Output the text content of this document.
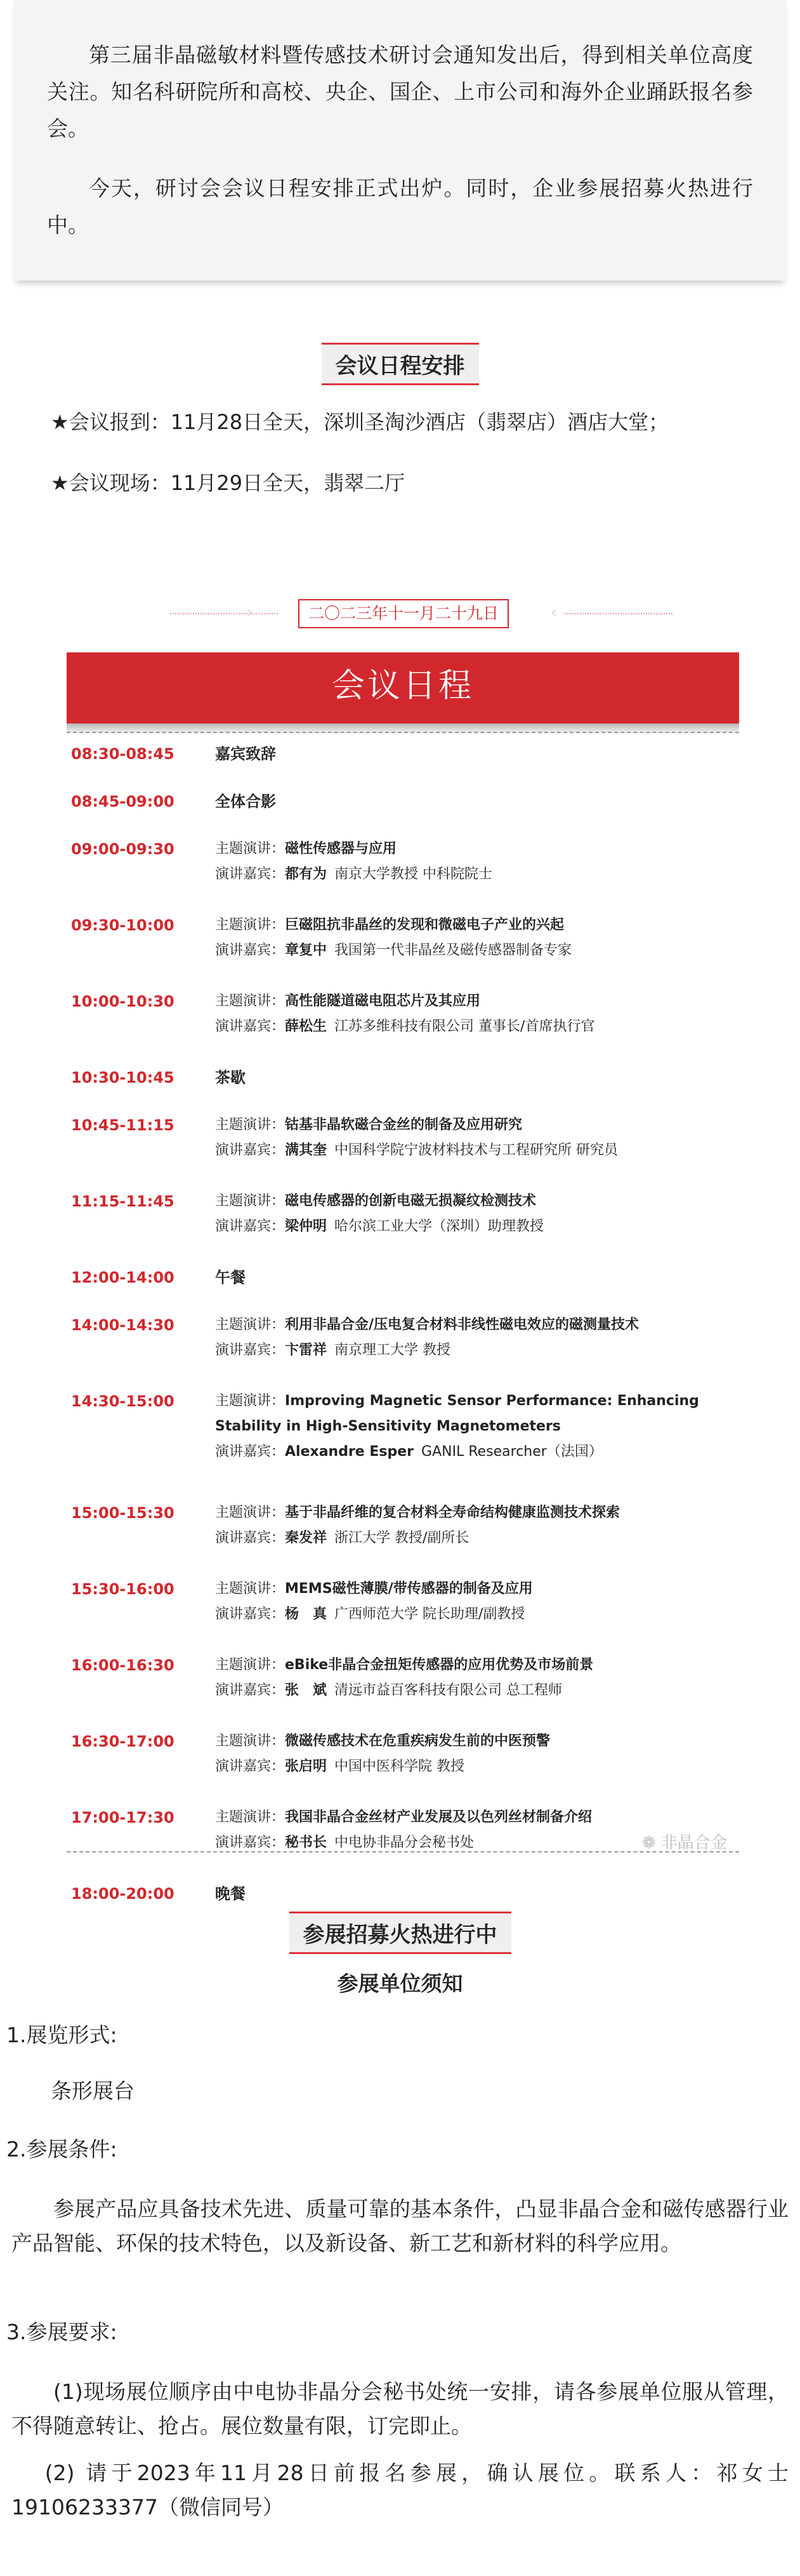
第三届非晶磁敏材料暨传感技术研讨会通知发出后，得到相关单位高度关注。知名科研院所和高校、央企、国企、上市公司和海外企业踊跃报名参会。

今天，研讨会会议日程安排正式出炉。同时，企业参展招募火热进行中。

会议日程安排
★会议报到：11月28日全天，深圳圣淘沙酒店（翡翠店）酒店大堂；
★会议现场：11月29日全天，翡翠二厅
›	二〇二三年十一月二十九日	‹
会议日程
08:30-08:45	嘉宾致辞
08:45-09:00	全体合影
09:00-09:30	主题演讲：磁性传感器与应用
演讲嘉宾：都有为 南京大学教授 中科院院士
09:30-10:00	主题演讲：巨磁阻抗非晶丝的发现和微磁电子产业的兴起
演讲嘉宾：章复中 我国第一代非晶丝及磁传感器制备专家
10:00-10:30	主题演讲：高性能隧道磁电阻芯片及其应用
演讲嘉宾：薛松生 江苏多维科技有限公司 董事长/首席执行官
10:30-10:45	茶歇
10:45-11:15	主题演讲：钴基非晶软磁合金丝的制备及应用研究
演讲嘉宾：满其奎 中国科学院宁波材料技术与工程研究所 研究员
11:15-11:45	主题演讲：磁电传感器的创新电磁无损凝纹检测技术
演讲嘉宾：梁仲明 哈尔滨工业大学（深圳）助理教授
12:00-14:00	午餐
14:00-14:30	主题演讲：利用非晶合金/压电复合材料非线性磁电效应的磁测量技术
演讲嘉宾：卞雷祥 南京理工大学 教授
14:30-15:00	主题演讲：Improving Magnetic Sensor Performance: Enhancing
Stability in High-Sensitivity Magnetometers
演讲嘉宾：Alexandre Esper GANIL Researcher（法国）
15:00-15:30	主题演讲：基于非晶纤维的复合材料全寿命结构健康监测技术探索
演讲嘉宾：秦发祥 浙江大学 教授/副所长
15:30-16:00	主题演讲：MEMS磁性薄膜/带传感器的制备及应用
演讲嘉宾：杨　真 广西师范大学 院长助理/副教授
16:00-16:30	主题演讲：eBike非晶合金扭矩传感器的应用优势及市场前景
演讲嘉宾：张　斌 清远市益百客科技有限公司 总工程师
16:30-17:00	主题演讲：微磁传感技术在危重疾病发生前的中医预警
演讲嘉宾：张启明 中国中医科学院 教授
17:00-17:30	主题演讲：我国非晶合金丝材产业发展及以色列丝材制备介绍
演讲嘉宾：秘书长 中电协非晶分会秘书处
18:00-20:00	晚餐
❁ 非晶合金
参展招募火热进行中
参展单位须知
1.展览形式:
条形展台
2.参展条件:
参展产品应具备技术先进、质量可靠的基本条件，凸显非晶合金和磁传感器行业产品智能、环保的技术特色，以及新设备、新工艺和新材料的科学应用。
3.参展要求:
(1)现场展位顺序由中电协非晶分会秘书处统一安排，请各参展单位服从管理，不得随意转让、抢占。展位数量有限，订完即止。
(2) 请于2023年11月28日前报名参展，确认展位。联系人：祁女士19106233377（微信同号）
